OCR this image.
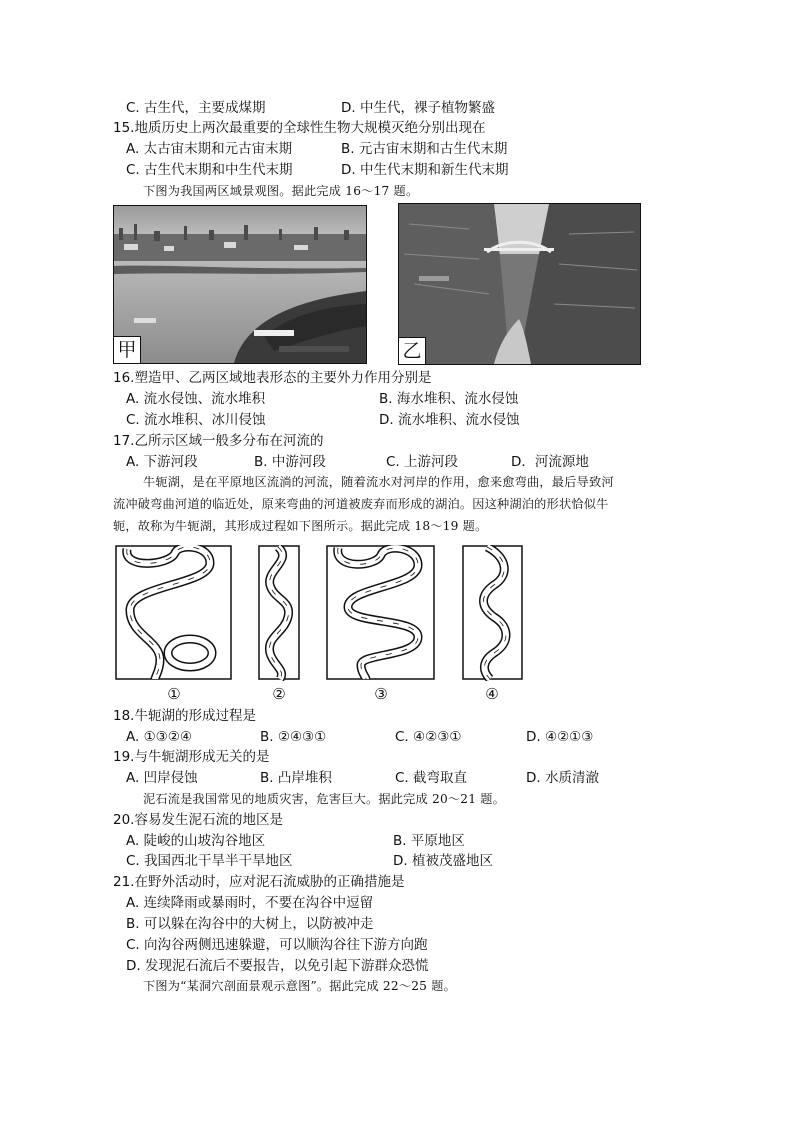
C. 古生代，主要成煤期	D. 中生代，裸子植物繁盛
15.地质历史上两次最重要的全球性生物大规模灭绝分别出现在
A. 太古宙末期和元古宙末期	B. 元古宙末期和古生代末期
C. 古生代末期和中生代末期	D. 中生代末期和新生代末期
下图为我国两区域景观图。据此完成 16～17 题。
甲	乙
16.塑造甲、乙两区域地表形态的主要外力作用分别是
A. 流水侵蚀、流水堆积	B. 海水堆积、流水侵蚀
C. 流水堆积、冰川侵蚀	D. 流水堆积、流水侵蚀
17.乙所示区域一般多分布在河流的
A. 下游河段	B. 中游河段	C. 上游河段	D．河流源地
牛轭湖，是在平原地区流淌的河流，随着流水对河岸的作用，愈来愈弯曲，最后导致河
流冲破弯曲河道的临近处，原来弯曲的河道被废弃而形成的湖泊。因这种湖泊的形状恰似牛
轭，故称为牛轭湖，其形成过程如下图所示。据此完成 18～19 题。
①	②	③	④
18.牛轭湖的形成过程是
A. ①③②④	B. ②④③①	C. ④②③①	D. ④②①③
19.与牛轭湖形成无关的是
A. 凹岸侵蚀	B. 凸岸堆积	C. 截弯取直	D. 水质清澈
泥石流是我国常见的地质灾害，危害巨大。据此完成 20～21 题。
20.容易发生泥石流的地区是
A. 陡峻的山坡沟谷地区	B. 平原地区
C. 我国西北干旱半干旱地区	D. 植被茂盛地区
21.在野外活动时，应对泥石流威胁的正确措施是
A. 连续降雨或暴雨时，不要在沟谷中逗留
B. 可以躲在沟谷中的大树上，以防被冲走
C. 向沟谷两侧迅速躲避，可以顺沟谷往下游方向跑
D. 发现泥石流后不要报告，以免引起下游群众恐慌
下图为“某洞穴剖面景观示意图”。据此完成 22～25 题。
